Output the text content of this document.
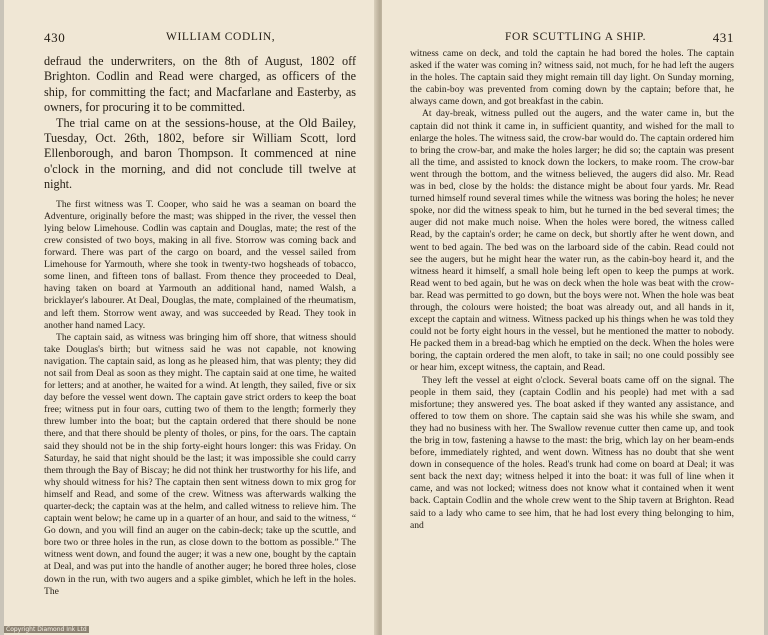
430	WILLIAM CODLIN,

defraud the underwriters, on the 8th of August, 1802 off Brighton. Codlin and Read were charged, as officers of the ship, for committing the fact; and Macfarlane and Easterby, as owners, for procuring it to be committed.

The trial came on at the sessions-house, at the Old Bailey, Tuesday, Oct. 26th, 1802, before sir William Scott, lord Ellenborough, and baron Thompson. It commenced at nine o'clock in the morning, and did not conclude till twelve at night.

The first witness was T. Cooper, who said he was a seaman on board the Adventure, originally before the mast; was shipped in the river, the vessel then lying below Limehouse. Codlin was captain and Douglas, mate; the rest of the crew consisted of two boys, making in all five. Storrow was coming back and forward. There was part of the cargo on board, and the vessel sailed from Limehouse for Yarmouth, where she took in twenty-two hogsheads of tobacco, some linen, and fifteen tons of ballast. From thence they proceeded to Deal, having taken on board at Yarmouth an additional hand, named Walsh, a bricklayer's labourer. At Deal, Douglas, the mate, complained of the rheumatism, and left them. Storrow went away, and was succeeded by Read. They took in another hand named Lacy.

The captain said, as witness was bringing him off shore, that witness should take Douglas's birth; but witness said he was not capable, not knowing navigation. The captain said, as long as he pleased him, that was plenty; they did not sail from Deal as soon as they might. The captain said at one time, he waited for letters; and at another, he waited for a wind. At length, they sailed, five or six day before the vessel went down. The captain gave strict orders to keep the boat free; witness put in four oars, cutting two of them to the length; formerly they threw lumber into the boat; but the captain ordered that there should be none there, and that there should be plenty of tholes, or pins, for the oars. The captain said they should not be in the ship forty-eight hours longer: this was Friday. On Saturday, he said that night should be the last; it was impossible she could carry them through the Bay of Biscay; he did not think her trustworthy for his life, and why should witness for his? The captain then sent witness down to mix grog for himself and Read, and some of the crew. Witness was afterwards walking the quarter-deck; the captain was at the helm, and called witness to relieve him. The captain went below; he came up in a quarter of an hour, and said to the witness, “ Go down, and you will find an auger on the cabin-deck; take up the scuttle, and bore two or three holes in the run, as close down to the bottom as possible.” The witness went down, and found the auger; it was a new one, bought by the captain at Deal, and was put into the handle of another auger; he bored three holes, close down in the run, with two augers and a spike gimblet, which he left in the holes. The

FOR SCUTTLING A SHIP.	431

witness came on deck, and told the captain he had bored the holes. The captain asked if the water was coming in? witness said, not much, for he had left the augers in the holes. The captain said they might remain till day light. On Sunday morning, the cabin-boy was prevented from coming down by the captain; before that, he always came down, and got breakfast in the cabin.

At day-break, witness pulled out the augers, and the water came in, but the captain did not think it came in, in sufficient quantity, and wished for the mall to enlarge the holes. The witness said, the crow-bar would do. The captain ordered him to bring the crow-bar, and make the holes larger; he did so; the captain was present all the time, and assisted to knock down the lockers, to make room. The crow-bar went through the bottom, and the witness believed, the augers did also. Mr. Read was in bed, close by the holds: the distance might be about four yards. Mr. Read turned himself round several times while the witness was boring the holes; he never spoke, nor did the witness speak to him, but he turned in the bed several times; the auger did not make much noise. When the holes were bored, the witness called Read, by the captain's order; he came on deck, but shortly after he went down, and went to bed again. The bed was on the larboard side of the cabin. Read could not see the augers, but he might hear the water run, as the cabin-boy heard it, and the witness heard it himself, a small hole being left open to keep the pumps at work. Read went to bed again, but he was on deck when the hole was beat with the crow-bar. Read was permitted to go down, but the boys were not. When the hole was beat through, the colours were hoisted; the boat was already out, and all hands in it, except the captain and witness. Witness packed up his things when he was told they could not be forty eight hours in the vessel, but he mentioned the matter to nobody. He packed them in a bread-bag which he emptied on the deck. When the holes were boring, the captain ordered the men aloft, to take in sail; no one could possibly see or hear him, except witness, the captain, and Read.

They left the vessel at eight o'clock. Several boats came off on the signal. The people in them said, they (captain Codlin and his people) had met with a sad misfortune; they answered yes. The boat asked if they wanted any assistance, and offered to tow them on shore. The captain said she was his while she swam, and they had no business with her. The Swallow revenue cutter then came up, and took the brig in tow, fastening a hawse to the mast: the brig, which lay on her beam-ends before, immediately righted, and went down. Witness has no doubt that she went down in consequence of the holes. Read's trunk had come on board at Deal; it was sent back the next day; witness helped it into the boat: it was full of line when it came, and was not locked; witness does not know what it contained when it went back. Captain Codlin and the whole crew went to the Ship tavern at Brighton. Read said to a lady who came to see him, that he had lost every thing belonging to him, and

Copyright Diamond Ink Ltd
